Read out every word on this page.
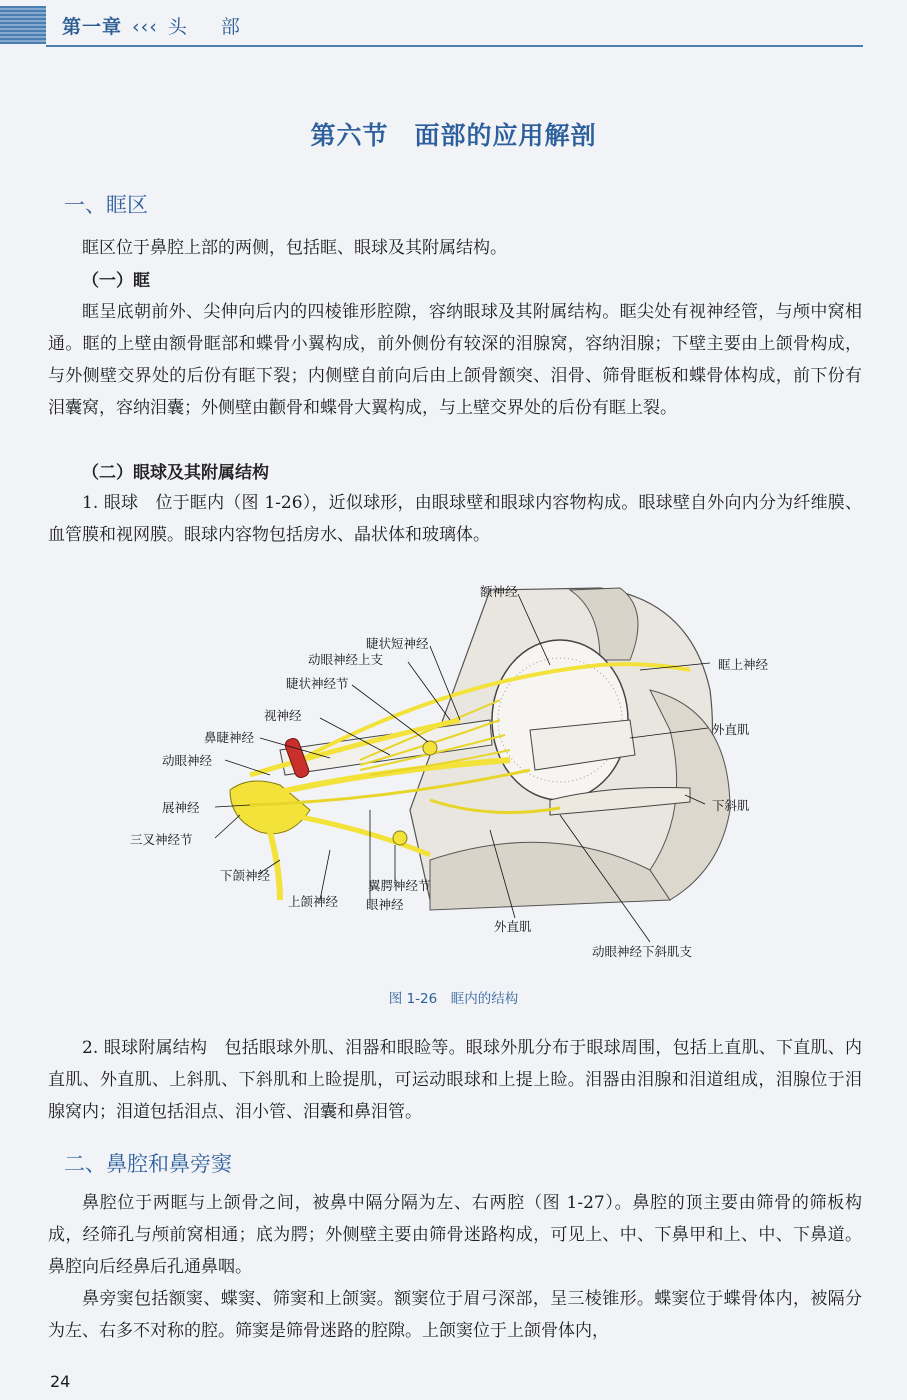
第一章 ‹‹‹ 头 部
第六节　面部的应用解剖
一、眶区
眶区位于鼻腔上部的两侧，包括眶、眼球及其附属结构。
（一）眶
眶呈底朝前外、尖伸向后内的四棱锥形腔隙，容纳眼球及其附属结构。眶尖处有视神经管，与颅中窝相通。眶的上壁由额骨眶部和蝶骨小翼构成，前外侧份有较深的泪腺窝，容纳泪腺；下壁主要由上颌骨构成，与外侧壁交界处的后份有眶下裂；内侧壁自前向后由上颌骨额突、泪骨、筛骨眶板和蝶骨体构成，前下份有泪囊窝，容纳泪囊；外侧壁由颧骨和蝶骨大翼构成，与上壁交界处的后份有眶上裂。
（二）眼球及其附属结构
1. 眼球　位于眶内（图 1-26），近似球形，由眼球壁和眼球内容物构成。眼球壁自外向内分为纤维膜、血管膜和视网膜。眼球内容物包括房水、晶状体和玻璃体。
额神经
睫状短神经
动眼神经上支
睫状神经节
视神经
鼻睫神经
动眼神经
展神经
三叉神经节
下颌神经
上颌神经
翼腭神经节
眼神经
外直肌
动眼神经下斜肌支
眶上神经
外直肌
下斜肌
图 1-26　眶内的结构
2. 眼球附属结构　包括眼球外肌、泪器和眼睑等。眼球外肌分布于眼球周围，包括上直肌、下直肌、内直肌、外直肌、上斜肌、下斜肌和上睑提肌，可运动眼球和上提上睑。泪器由泪腺和泪道组成，泪腺位于泪腺窝内；泪道包括泪点、泪小管、泪囊和鼻泪管。
二、鼻腔和鼻旁窦
鼻腔位于两眶与上颌骨之间，被鼻中隔分隔为左、右两腔（图 1-27）。鼻腔的顶主要由筛骨的筛板构成，经筛孔与颅前窝相通；底为腭；外侧壁主要由筛骨迷路构成，可见上、中、下鼻甲和上、中、下鼻道。鼻腔向后经鼻后孔通鼻咽。
鼻旁窦包括额窦、蝶窦、筛窦和上颌窦。额窦位于眉弓深部，呈三棱锥形。蝶窦位于蝶骨体内，被隔分为左、右多不对称的腔。筛窦是筛骨迷路的腔隙。上颌窦位于上颌骨体内，
24
